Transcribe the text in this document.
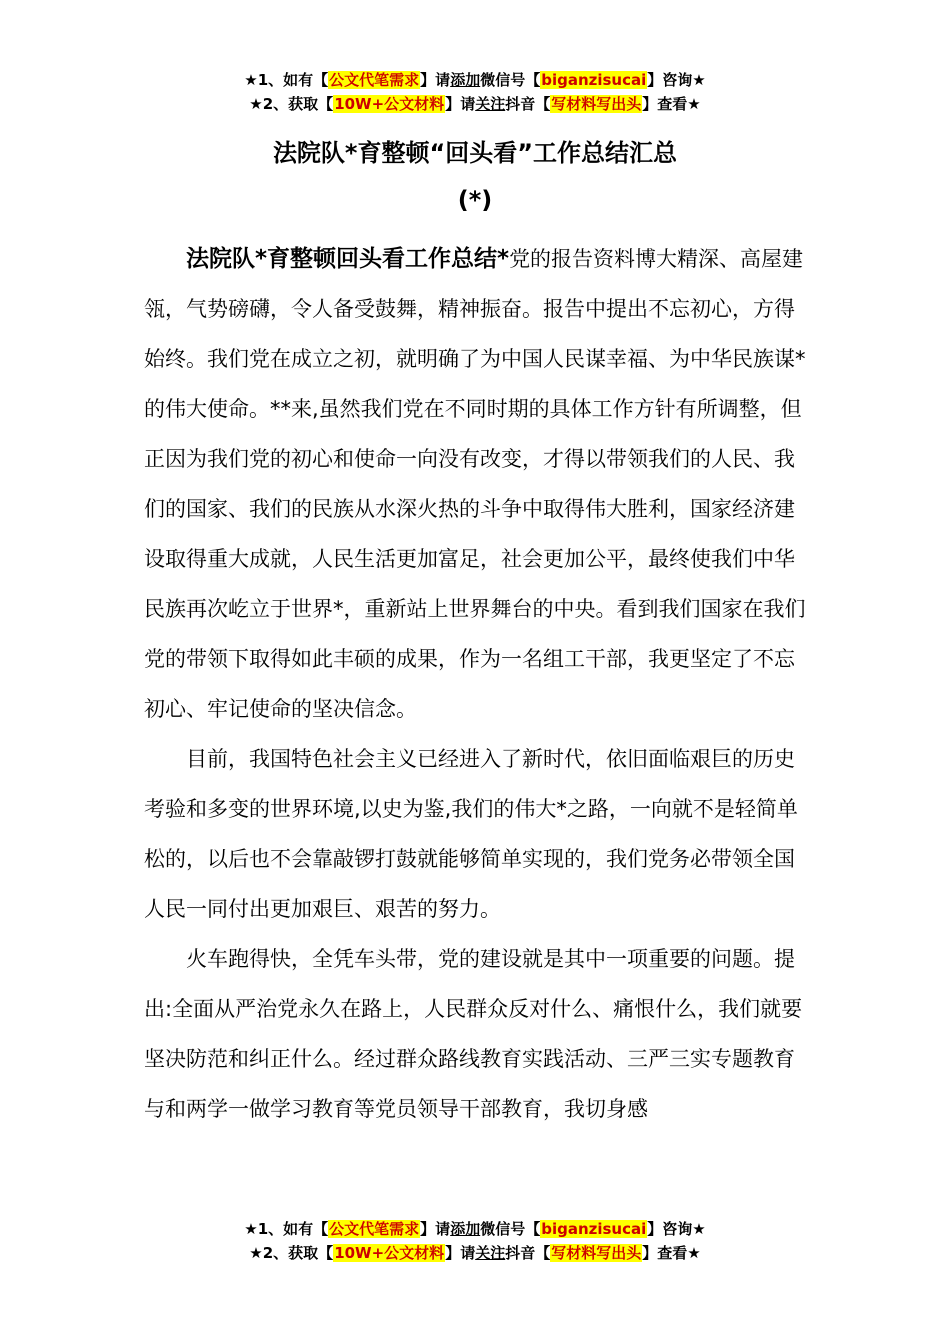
★1、如有【公文代笔需求】请添加微信号【biganzisucai】咨询★
★2、获取【10W+公文材料】请关注抖音【写材料写出头】查看★
法院队*育整顿“回头看”工作总结汇总
(*)

法院队*育整顿回头看工作总结*党的报告资料博大精深、高屋建瓴，气势磅礴，令人备受鼓舞，精神振奋。报告中提出不忘初心，方得始终。我们党在成立之初，就明确了为中国人民谋幸福、为中华民族谋*的伟大使命。**来,虽然我们党在不同时期的具体工作方针有所调整，但正因为我们党的初心和使命一向没有改变，才得以带领我们的人民、我们的国家、我们的民族从水深火热的斗争中取得伟大胜利，国家经济建设取得重大成就，人民生活更加富足，社会更加公平，最终使我们中华民族再次屹立于世界*，重新站上世界舞台的中央。看到我们国家在我们党的带领下取得如此丰硕的成果，作为一名组工干部，我更坚定了不忘初心、牢记使命的坚决信念。

目前，我国特色社会主义已经进入了新时代，依旧面临艰巨的历史考验和多变的世界环境,以史为鉴,我们的伟大*之路，一向就不是轻简单松的，以后也不会靠敲锣打鼓就能够简单实现的，我们党务必带领全国人民一同付出更加艰巨、艰苦的努力。

火车跑得快，全凭车头带，党的建设就是其中一项重要的问题。提出:全面从严治党永久在路上，人民群众反对什么、痛恨什么，我们就要坚决防范和纠正什么。经过群众路线教育实践活动、三严三实专题教育与和两学一做学习教育等党员领导干部教育，我切身感

★1、如有【公文代笔需求】请添加微信号【biganzisucai】咨询★
★2、获取【10W+公文材料】请关注抖音【写材料写出头】查看★
